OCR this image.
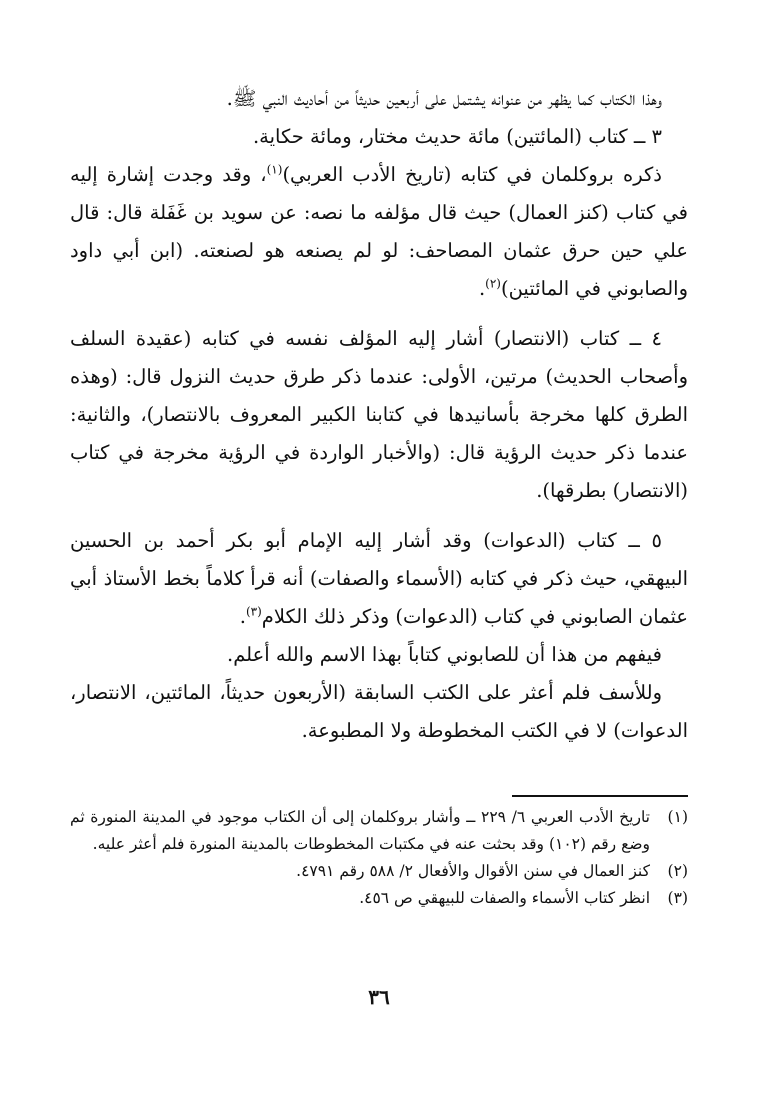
وهذا الكتاب كما يظهر من عنوانه يشتمل على أربعين حديثاً من أحاديث النبي ﷺ.

٣ ــ كتاب (المائتين) مائة حديث مختار، ومائة حكاية.

ذكره بروكلمان في كتابه (تاريخ الأدب العربي)$^{(١)}$، وقد وجدت إشارة إليه في كتاب (كنز العمال) حيث قال مؤلفه ما نصه: عن سويد بن غَفَلة قال: قال علي حين حرق عثمان المصاحف: لو لم يصنعه هو لصنعته. (ابن أبي داود والصابوني في المائتين)$^{(٢)}$.

٤ ــ كتاب (الانتصار) أشار إليه المؤلف نفسه في كتابه (عقيدة السلف وأصحاب الحديث) مرتين، الأولى: عندما ذكر طرق حديث النزول قال: (وهذه الطرق كلها مخرجة بأسانيدها في كتابنا الكبير المعروف بالانتصار)، والثانية: عندما ذكر حديث الرؤية قال: (والأخبار الواردة في الرؤية مخرجة في كتاب (الانتصار) بطرقها).

٥ ــ كتاب (الدعوات) وقد أشار إليه الإمام أبو بكر أحمد بن الحسين البيهقي، حيث ذكر في كتابه (الأسماء والصفات) أنه قرأ كلاماً بخط الأستاذ أبي عثمان الصابوني في كتاب (الدعوات) وذكر ذلك الكلام$^{(٣)}$.

فيفهم من هذا أن للصابوني كتاباً بهذا الاسم والله أعلم.

وللأسف فلم أعثر على الكتب السابقة (الأربعون حديثاً، المائتين، الانتصار، الدعوات) لا في الكتب المخطوطة ولا المطبوعة.

(١)
تاريخ الأدب العربي ٦/ ٢٢٩ ــ وأشار بروكلمان إلى أن الكتاب موجود في المدينة المنورة ثم وضع رقم (١٠٢) وقد بحثت عنه في مكتبات المخطوطات بالمدينة المنورة فلم أعثر عليه.
(٢)
كنز العمال في سنن الأقوال والأفعال ٢/ ٥٨٨ رقم ٤٧٩١.
(٣)
انظر كتاب الأسماء والصفات للبيهقي ص ٤٥٦.
٣٦
